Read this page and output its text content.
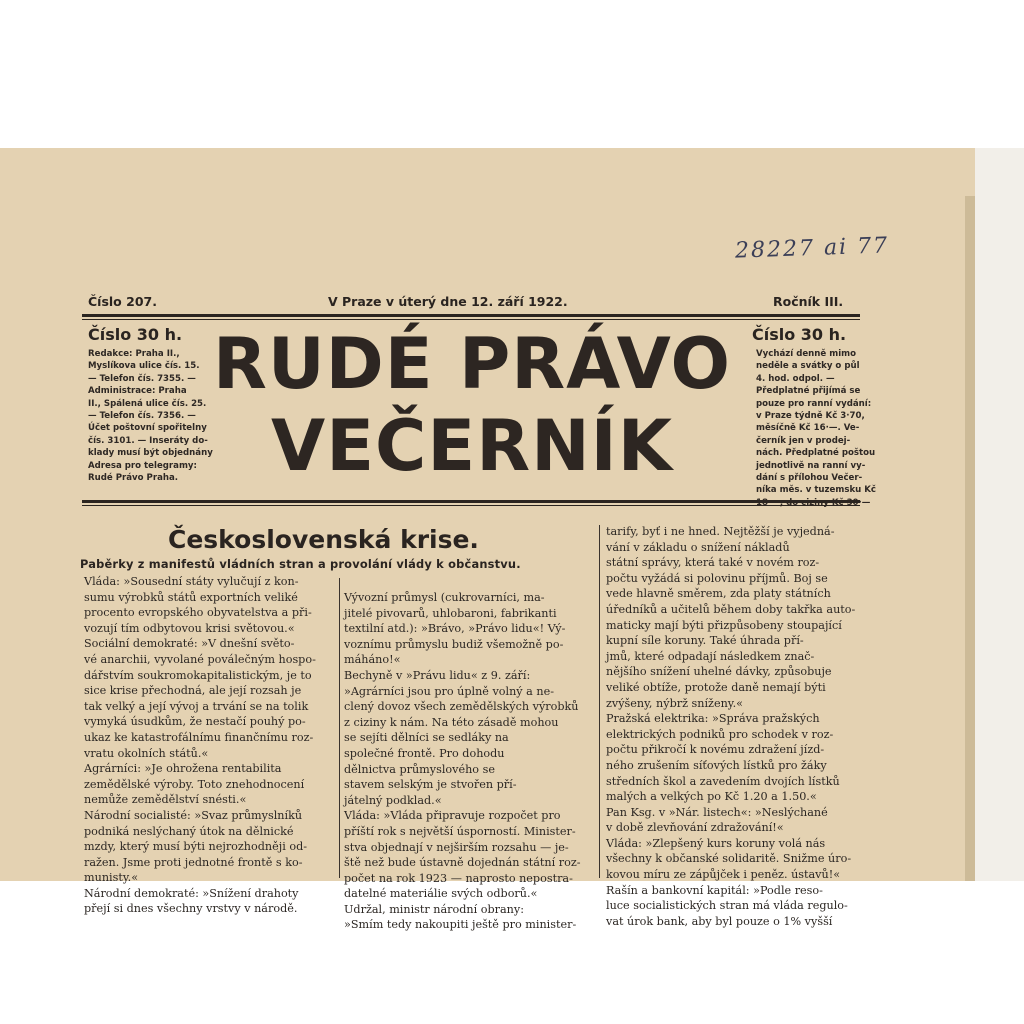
28227 ai 77
Číslo 207.	V Praze v úterý dne 12. září 1922.	Ročník III.
Číslo 30 h.	Číslo 30 h.
Redakce: Praha II.,
Myslíkova ulice čís. 15.
— Telefon čís. 7355. —
Administrace: Praha
II., Spálená ulice čís. 25.
— Telefon čís. 7356. —
Účet poštovní spořitelny
čís. 3101. — Inseráty do-
klady musí být objednány
Adresa pro telegramy:
Rudé Právo Praha.
Vychází denně mimo
neděle a svátky o půl
4. hod. odpol. —
Předplatné přijímá se
pouze pro ranní vydání:
v Praze týdně Kč 3·70,
měsíčně Kč 16·—. Ve-
černík jen v prodej-
nách. Předplatné poštou
jednotlivě na ranní vy-
dání s přílohou Večer-
níka měs. v tuzemsku Kč
RUDÉ PRÁVO
VEČERNÍK
Československá krise.
Paběrky z manifestů vládních stran a provolání vlády k občanstvu.
Vláda: »Sousední státy vylučují z kon-
sumu výrobků států exportních veliké
procento evropského obyvatelstva a při-
vozují tím odbytovou krisi světovou.«
Sociální demokraté: »V dnešní světo-
vé anarchii, vyvolané poválečným hospo-
dářstvím soukromokapitalistickým, je to
sice krise přechodná, ale její rozsah je
tak velký a její vývoj a trvání se na tolik
vymyká úsudkům, že nestačí pouhý po-
ukaz ke katastrofálnímu finančnímu roz-
vratu okolních států.«
Agrárníci: »Je ohrožena rentabilita
zemědělské výroby. Toto znehodnocení
nemůže zemědělství snésti.«
Národní socialisté: »Svaz průmyslníků
podniká neslýchaný útok na dělnické
mzdy, který musí býti nejrozhodněji od-
ražen. Jsme proti jednotné frontě s ko-
munisty.«
Národní demokraté: »Snížení drahoty
přejí si dnes všechny vrstvy v národě.
Vývozní průmysl (cukrovarníci, ma-
jitelé pivovarů, uhlobaroni, fabrikanti
textilní atd.): »Brávo, »Právo lidu«! Vý-
voznímu průmyslu budiž všemožně po-
máháno!«
Bechyně v »Právu lidu« z 9. září:
»Agrárníci jsou pro úplně volný a ne-
clený dovoz všech zemědělských výrobků
z ciziny k nám. Na této zásadě mohou
se sejíti dělníci se sedláky na
společné frontě. Pro dohodu
dělnictva průmyslového se
stavem selským je stvořen pří-
játelný podklad.«
Vláda: »Vláda připravuje rozpočet pro
příští rok s největší úsporností. Minister-
stva objednají v nejširším rozsahu — je-
ště než bude ústavně dojednán státní roz-
počet na rok 1923 — naprosto nepostra-
datelné materiálie svých odborů.«
Udržal, ministr národní obrany:
»Smím tedy nakoupiti ještě pro minister-
tarify, byť i ne hned. Nejtěžší je vyjedná-
vání v základu o snížení nákladů
státní správy, která také v novém roz-
počtu vyžádá si polovinu příjmů. Boj se
vede hlavně směrem, zda platy státních
úředníků a učitelů během doby takřka auto-
maticky mají býti přizpůsobeny stoupající
kupní síle koruny. Také úhrada pří-
jmů, které odpadají následkem znač-
nějšího snížení uhelné dávky, způsobuje
veliké obtíže, protože daně nemají býti
zvýšeny, nýbrž sníženy.«
Pražská elektrika: »Správa pražských
elektrických podniků pro schodek v roz-
počtu přikročí k novému zdražení jízd-
ného zrušením síťových lístků pro žáky
středních škol a zavedením dvojích lístků
malých a velkých po Kč 1.20 a 1.50.«
Pan Ksg. v »Nár. listech«: »Neslýchané
v době zlevňování zdražování!«
Vláda: »Zlepšený kurs koruny volá nás
všechny k občanské solidaritě. Snižme úro-
kovou míru ze zápůjček i peněz. ústavů!«
Rašín a bankovní kapitál: »Podle reso-
luce socialistických stran má vláda regulo-
vat úrok bank, aby byl pouze o 1% vyšší
